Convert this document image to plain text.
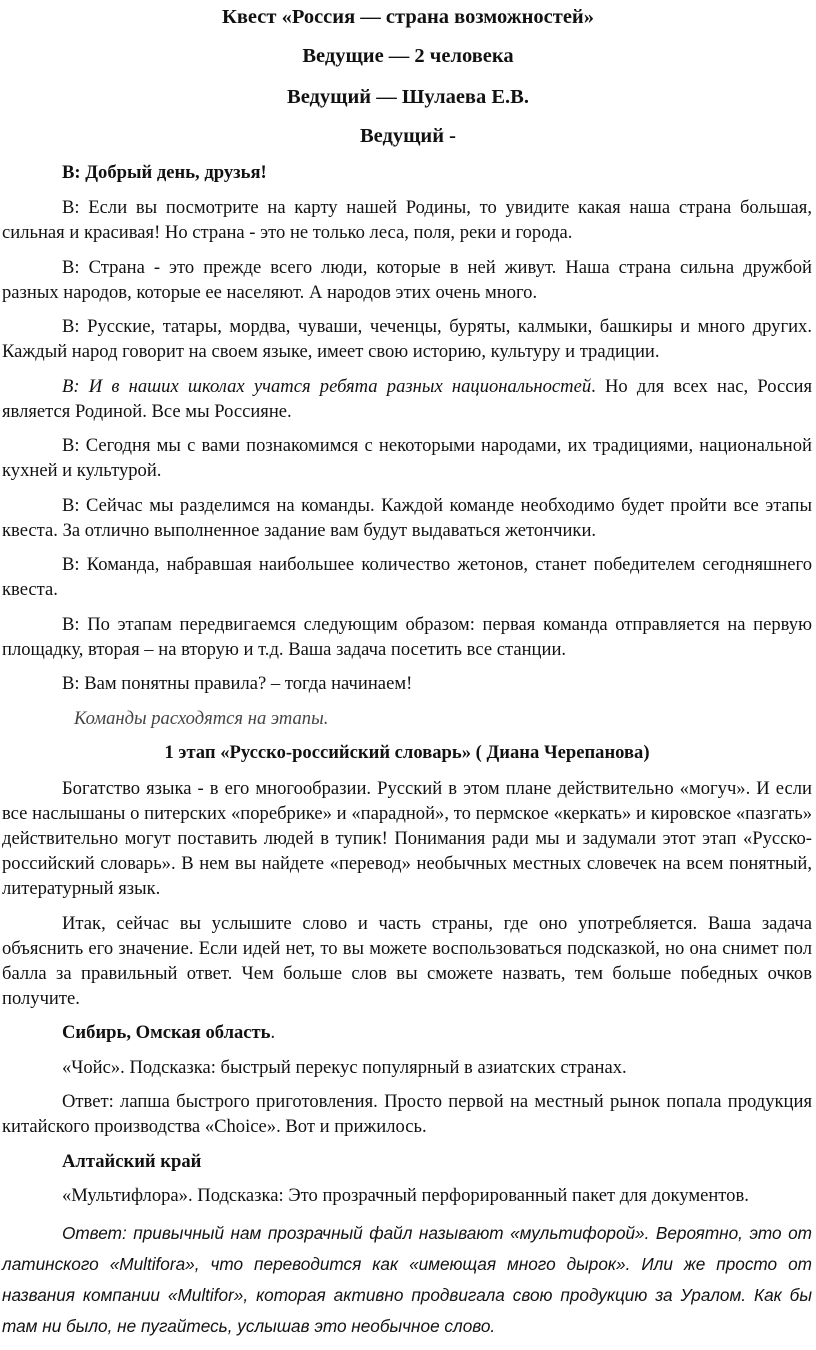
Квест «Россия — страна возможностей»
Ведущие — 2 человека
Ведущий — Шулаева Е.В.
Ведущий -

В: Добрый день, друзья!

В: Если вы посмотрите на карту нашей Родины, то увидите какая наша страна большая, сильная и красивая! Но страна - это не только леса, поля, реки и города.

В: Страна - это прежде всего люди, которые в ней живут. Наша страна сильна дружбой разных народов, которые ее населяют. А народов этих очень много.

В: Русские, татары, мордва, чуваши, чеченцы, буряты, калмыки, башкиры и много других. Каждый народ говорит на своем языке, имеет свою историю, культуру и традиции.

В: И в наших школах учатся ребята разных национальностей. Но для всех нас, Россия является Родиной. Все мы Россияне.

В: Сегодня мы с вами познакомимся с некоторыми народами, их традициями, национальной кухней и культурой.

В: Сейчас мы разделимся на команды. Каждой команде необходимо будет пройти все этапы квеста. За отлично выполненное задание вам будут выдаваться жетончики.

В: Команда, набравшая наибольшее количество жетонов, станет победителем сегодняшнего квеста.

В: По этапам передвигаемся следующим образом: первая команда отправляется на первую площадку, вторая – на вторую и т.д. Ваша задача посетить все станции.

В: Вам понятны правила? – тогда начинаем!

Команды расходятся на этапы.

1 этап «Русско-российский словарь» ( Диана Черепанова)

Богатство языка - в его многообразии. Русский в этом плане действительно «могуч». И если все наслышаны о питерских «поребрике» и «парадной», то пермское «керкать» и кировское «пазгать» действительно могут поставить людей в тупик! Понимания ради мы и задумали этот этап «Русско-российский словарь». В нем вы найдете «перевод» необычных местных словечек на всем понятный, литературный язык.

Итак, сейчас вы услышите слово и часть страны, где оно употребляется. Ваша задача объяснить его значение. Если идей нет, то вы можете воспользоваться подсказкой, но она снимет пол балла за правильный ответ. Чем больше слов вы сможете назвать, тем больше победных очков получите.

Сибирь, Омская область.

«Чойс». Подсказка: быстрый перекус популярный в азиатских странах.

Ответ: лапша быстрого приготовления. Просто первой на местный рынок попала продукция китайского производства «Choice». Вот и прижилось.

Алтайский край

«Мультифлора». Подсказка: Это прозрачный перфорированный пакет для документов.

Ответ: привычный нам прозрачный файл называют «мультифорой». Вероятно, это от латинского «Multifora», что переводится как «имеющая много дырок». Или же просто от названия компании «Multifor», которая активно продвигала свою продукцию за Уралом. Как бы там ни было, не пугайтесь, услышав это необычное слово.
